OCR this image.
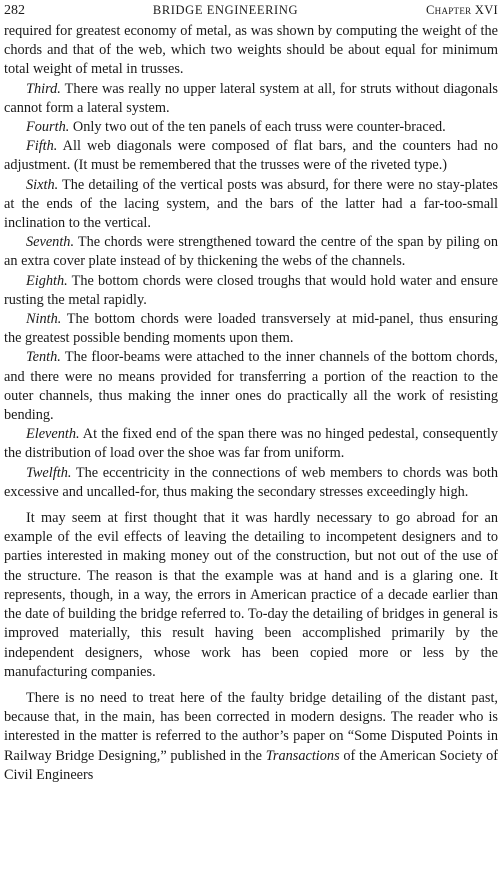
282	BRIDGE ENGINEERING	Chapter XVI

required for greatest economy of metal, as was shown by computing the weight of the chords and that of the web, which two weights should be about equal for minimum total weight of metal in trusses.

Third. There was really no upper lateral system at all, for struts without diagonals cannot form a lateral system.

Fourth. Only two out of the ten panels of each truss were counter-braced.

Fifth. All web diagonals were composed of flat bars, and the counters had no adjustment. (It must be remembered that the trusses were of the riveted type.)

Sixth. The detailing of the vertical posts was absurd, for there were no stay-plates at the ends of the lacing system, and the bars of the latter had a far-too-small inclination to the vertical.

Seventh. The chords were strengthened toward the centre of the span by piling on an extra cover plate instead of by thickening the webs of the channels.

Eighth. The bottom chords were closed troughs that would hold water and ensure rusting the metal rapidly.

Ninth. The bottom chords were loaded transversely at mid-panel, thus ensuring the greatest possible bending moments upon them.

Tenth. The floor-beams were attached to the inner channels of the bottom chords, and there were no means provided for transferring a portion of the reaction to the outer channels, thus making the inner ones do practically all the work of resisting bending.

Eleventh. At the fixed end of the span there was no hinged pedestal, consequently the distribution of load over the shoe was far from uniform.

Twelfth. The eccentricity in the connections of web members to chords was both excessive and uncalled-for, thus making the secondary stresses exceedingly high.

It may seem at first thought that it was hardly necessary to go abroad for an example of the evil effects of leaving the detailing to incompetent designers and to parties interested in making money out of the construction, but not out of the use of the structure. The reason is that the example was at hand and is a glaring one. It represents, though, in a way, the errors in American practice of a decade earlier than the date of building the bridge referred to. To-day the detailing of bridges in general is improved materially, this result having been accomplished primarily by the independent designers, whose work has been copied more or less by the manufacturing companies.

There is no need to treat here of the faulty bridge detailing of the distant past, because that, in the main, has been corrected in modern designs. The reader who is interested in the matter is referred to the author’s paper on “Some Disputed Points in Railway Bridge Designing,” published in the Transactions of the American Society of Civil Engineers
